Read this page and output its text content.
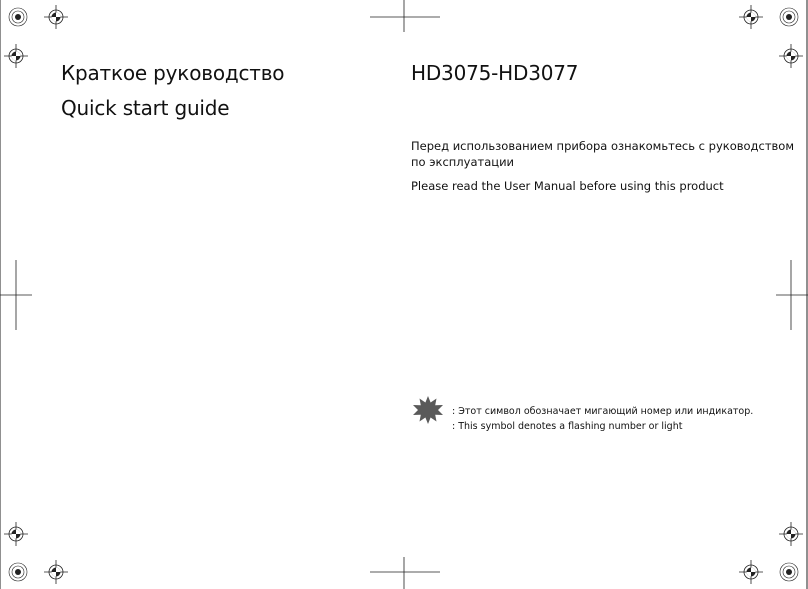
Краткое руководство
Quick start guide
HD3075-HD3077
Перед использованием прибора ознакомьтесь с руководством
по эксплуатации
Please read the User Manual before using this product
: Этот символ обозначает мигающий номер или индикатор.
: This symbol denotes a flashing number or light
